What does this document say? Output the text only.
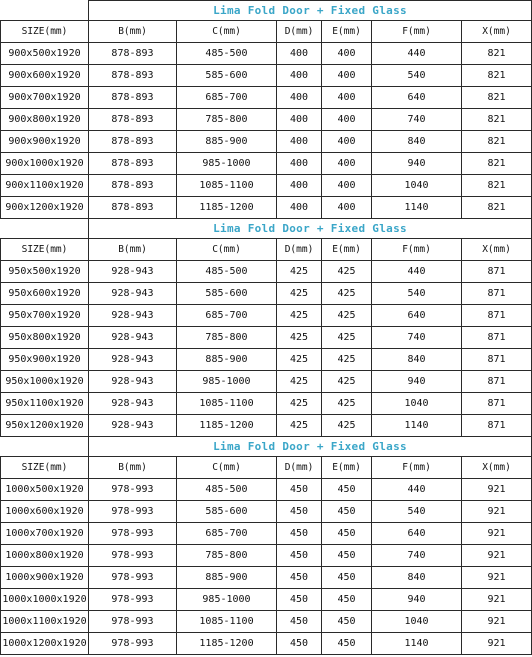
	Lima Fold Door + Fixed Glass					
SIZE(mm)	B(mm)	C(mm)	D(mm)	E(mm)	F(mm)	X(mm)
900x500x1920	878-893	485-500	400	400	440	821
900x600x1920	878-893	585-600	400	400	540	821
900x700x1920	878-893	685-700	400	400	640	821
900x800x1920	878-893	785-800	400	400	740	821
900x900x1920	878-893	885-900	400	400	840	821
900x1000x1920	878-893	985-1000	400	400	940	821
900x1100x1920	878-893	1085-1100	400	400	1040	821
900x1200x1920	878-893	1185-1200	400	400	1140	821
	Lima Fold Door + Fixed Glass					
SIZE(mm)	B(mm)	C(mm)	D(mm)	E(mm)	F(mm)	X(mm)
950x500x1920	928-943	485-500	425	425	440	871
950x600x1920	928-943	585-600	425	425	540	871
950x700x1920	928-943	685-700	425	425	640	871
950x800x1920	928-943	785-800	425	425	740	871
950x900x1920	928-943	885-900	425	425	840	871
950x1000x1920	928-943	985-1000	425	425	940	871
950x1100x1920	928-943	1085-1100	425	425	1040	871
950x1200x1920	928-943	1185-1200	425	425	1140	871
	Lima Fold Door + Fixed Glass					
SIZE(mm)	B(mm)	C(mm)	D(mm)	E(mm)	F(mm)	X(mm)
1000x500x1920	978-993	485-500	450	450	440	921
1000x600x1920	978-993	585-600	450	450	540	921
1000x700x1920	978-993	685-700	450	450	640	921
1000x800x1920	978-993	785-800	450	450	740	921
1000x900x1920	978-993	885-900	450	450	840	921
1000x1000x1920	978-993	985-1000	450	450	940	921
1000x1100x1920	978-993	1085-1100	450	450	1040	921
1000x1200x1920	978-993	1185-1200	450	450	1140	921
